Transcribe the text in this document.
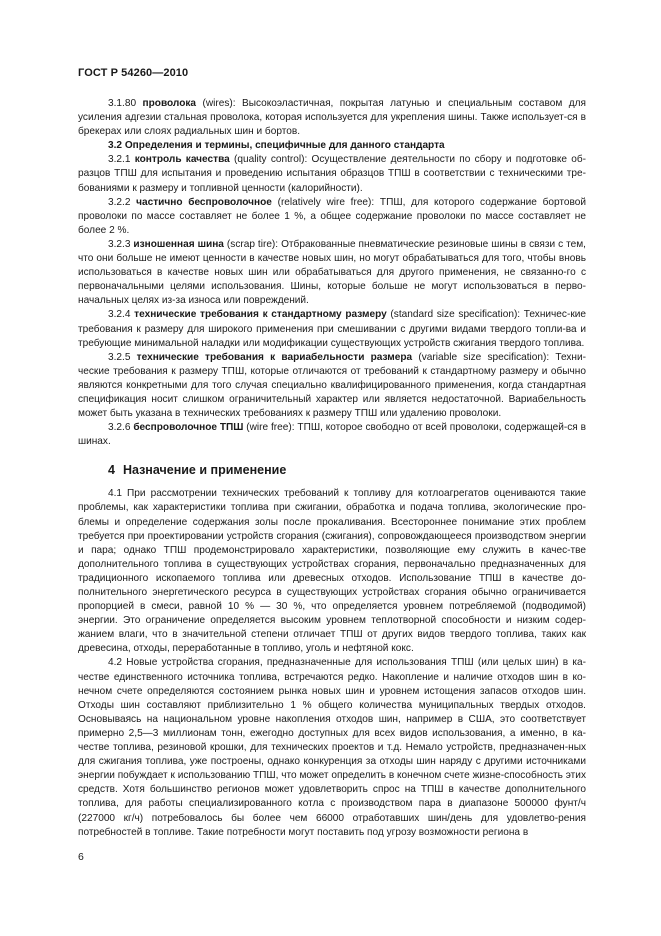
ГОСТ Р 54260—2010

3.1.80 проволока (wires): Высокоэластичная, покрытая латунью и специальным составом для усиления адгезии стальная проволока, которая используется для укрепления шины. Также использует-ся в брекерах или слоях радиальных шин и бортов.

3.2 Определения и термины, специфичные для данного стандарта

3.2.1 контроль качества (quality control): Осуществление деятельности по сбору и подготовке об-разцов ТПШ для испытания и проведению испытания образцов ТПШ в соответствии с техническими тре-бованиями к размеру и топливной ценности (калорийности).

3.2.2 частично беспроволочное (relatively wire free): ТПШ, для которого содержание бортовой проволоки по массе составляет не более 1 %, а общее содержание проволоки по массе составляет не более 2 %.

3.2.3 изношенная шина (scrap tire): Отбракованные пневматические резиновые шины в связи с тем, что они больше не имеют ценности в качестве новых шин, но могут обрабатываться для того, чтобы вновь использоваться в качестве новых шин или обрабатываться для другого применения, не связанно-го с первоначальными целями использования. Шины, которые больше не могут использоваться в перво-начальных целях из-за износа или повреждений.

3.2.4 технические требования к стандартному размеру (standard size specification): Техничес-кие требования к размеру для широкого применения при смешивании с другими видами твердого топли-ва и требующие минимальной наладки или модификации существующих устройств сжигания твердого топлива.

3.2.5 технические требования к вариабельности размера (variable size specification): Техни-ческие требования к размеру ТПШ, которые отличаются от требований к стандартному размеру и обычно являются конкретными для того случая специально квалифицированного применения, когда стандартная спецификация носит слишком ограничительный характер или является недостаточной. Вариабельность может быть указана в технических требованиях к размеру ТПШ или удалению проволоки.

3.2.6 беспроволочное ТПШ (wire free): ТПШ, которое свободно от всей проволоки, содержащей-ся в шинах.

4 Назначение и применение

4.1 При рассмотрении технических требований к топливу для котлоагрегатов оцениваются такие проблемы, как характеристики топлива при сжигании, обработка и подача топлива, экологические про-блемы и определение содержания золы после прокаливания. Всестороннее понимание этих проблем требуется при проектировании устройств сгорания (сжигания), сопровождающееся производством энергии и пара; однако ТПШ продемонстрировало характеристики, позволяющие ему служить в качес-тве дополнительного топлива в существующих устройствах сгорания, первоначально предназначенных для традиционного ископаемого топлива или древесных отходов. Использование ТПШ в качестве до-полнительного энергетического ресурса в существующих устройствах сгорания обычно ограничивается пропорцией в смеси, равной 10 % — 30 %, что определяется уровнем потребляемой (подводимой) энергии. Это ограничение определяется высоким уровнем теплотворной способности и низким содер-жанием влаги, что в значительной степени отличает ТПШ от других видов твердого топлива, таких как древесина, отходы, переработанные в топливо, уголь и нефтяной кокс.

4.2 Новые устройства сгорания, предназначенные для использования ТПШ (или целых шин) в ка-честве единственного источника топлива, встречаются редко. Накопление и наличие отходов шин в ко-нечном счете определяются состоянием рынка новых шин и уровнем истощения запасов отходов шин. Отходы шин составляют приблизительно 1 % общего количества муниципальных твердых отходов. Основываясь на национальном уровне накопления отходов шин, например в США, это соответствует примерно 2,5—3 миллионам тонн, ежегодно доступных для всех видов использования, а именно, в ка-честве топлива, резиновой крошки, для технических проектов и т.д. Немало устройств, предназначен-ных для сжигания топлива, уже построены, однако конкуренция за отходы шин наряду с другими источниками энергии побуждает к использованию ТПШ, что может определить в конечном счете жизне-способность этих средств. Хотя большинство регионов может удовлетворить спрос на ТПШ в качестве дополнительного топлива, для работы специализированного котла с производством пара в диапазоне 500000 фунт/ч (227000 кг/ч) потребовалось бы более чем 66000 отработавших шин/день для удовлетво-рения потребностей в топливе. Такие потребности могут поставить под угрозу возможности региона в

6
